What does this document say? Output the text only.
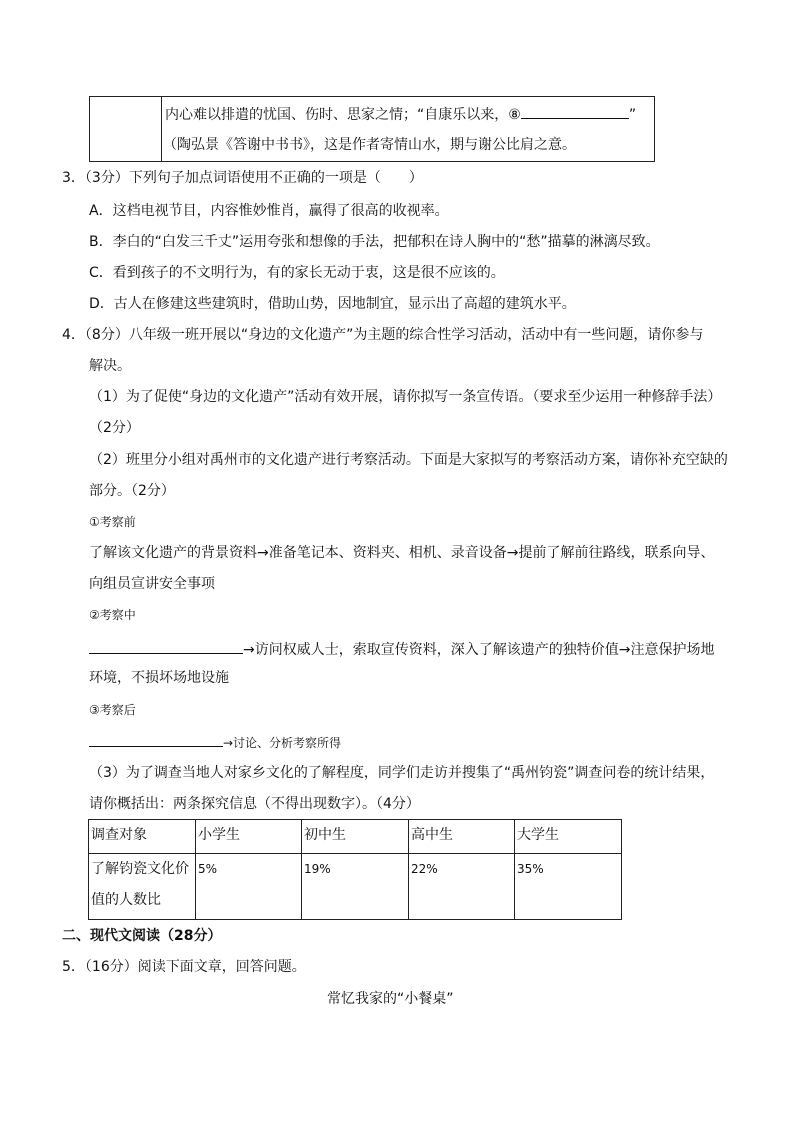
内心难以排遣的忧国、伤时、思家之情；“自康乐以来，⑧	”
（陶弘景《答谢中书书》，这是作者寄情山水，期与谢公比肩之意。
3．（3分）下列句子加点词语使用不正确的一项是（　　）
A．这档电视节目，内容惟妙惟肖，赢得了很高的收视率。
B．李白的“白发三千丈”运用夸张和想像的手法，把郁积在诗人胸中的“愁”描摹的淋漓尽致。
C．看到孩子的不文明行为，有的家长无动于衷，这是很不应该的。
D．古人在修建这些建筑时，借助山势，因地制宜，显示出了高超的建筑水平。
4．（8分）八年级一班开展以“身边的文化遗产”为主题的综合性学习活动，活动中有一些问题，请你参与
解决。
（1）为了促使“身边的文化遗产”活动有效开展，请你拟写一条宣传语。（要求至少运用一种修辞手法）
（2分）
（2）班里分小组对禹州市的文化遗产进行考察活动。下面是大家拟写的考察活动方案，请你补充空缺的
部分。（2分）
①考察前
了解该文化遗产的背景资料→准备笔记本、资料夹、相机、录音设备→提前了解前往路线，联系向导、
向组员宣讲安全事项
②考察中
→访问权威人士，索取宣传资料，深入了解该遗产的独特价值→注意保护场地
环境，不损坏场地设施
③考察后
→讨论、分析考察所得
（3）为了调查当地人对家乡文化的了解程度，同学们走访并搜集了“禹州钧瓷”调查问卷的统计结果，
请你概括出：两条探究信息（不得出现数字）。（4分）
调查对象	小学生	初中生	高中生	大学生

了解钧瓷文化价
值的人数比	5%	19%	22%	35%
二、现代文阅读（28分）
5．（16分）阅读下面文章，回答问题。
常忆我家的“小餐桌”
